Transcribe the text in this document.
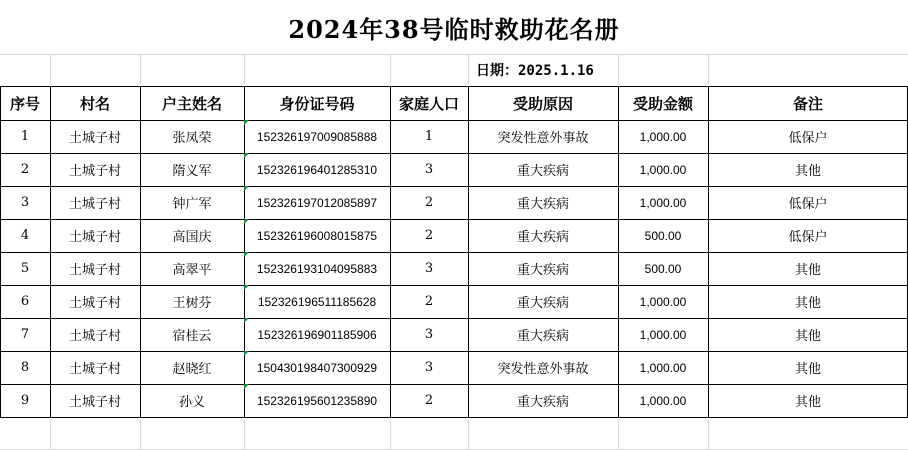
2024年38号临时救助花名册
日期：2025.1.16
序号	村名	户主姓名	身份证号码	家庭人口	受助原因	受助金额	备注
1	土城子村	张凤荣	152326197009085888	1	突发性意外事故	1,000.00	低保户
2	土城子村	隋义军	152326196401285310	3	重大疾病	1,000.00	其他
3	土城子村	钟广军	152326197012085897	2	重大疾病	1,000.00	低保户
4	土城子村	高国庆	152326196008015875	2	重大疾病	500.00	低保户
5	土城子村	高翠平	152326193104095883	3	重大疾病	500.00	其他
6	土城子村	王树芬	152326196511185628	2	重大疾病	1,000.00	其他
7	土城子村	宿桂云	152326196901185906	3	重大疾病	1,000.00	其他
8	土城子村	赵晓红	150430198407300929	3	突发性意外事故	1,000.00	其他
9	土城子村	孙义	152326195601235890	2	重大疾病	1,000.00	其他
